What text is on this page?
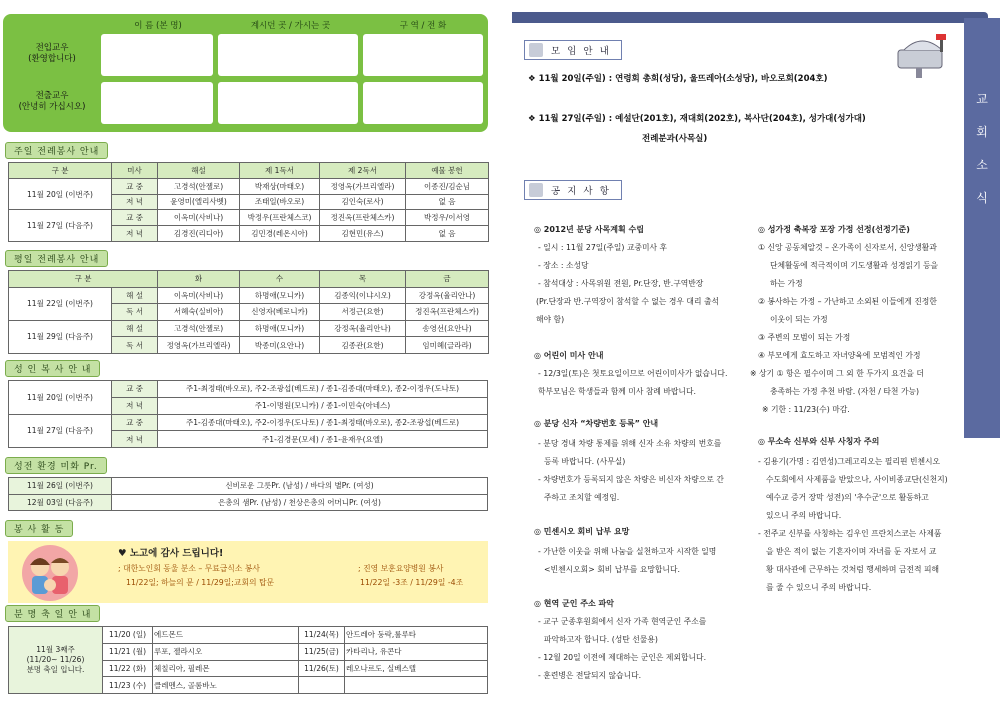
이 름 (본 명)	계시던 곳 / 가시는 곳	구 역 / 전 화
전입교우
(환영합니다)
전출교우
(안녕히 가십시오)
주일 전례봉사 안내
구 분	미사	해설	제 1독서	제 2독서	예물 봉헌
11월 20일 (이번주)	교 중	고경석(안젤로)	박재상(마태오)	정영옥(가브리엘라)	이종진/김순님
	저 녁	윤영미(엘리사벳)	조태일(바오로)	김인숙(로사)	없 음
11월 27일 (다음주)	교 중	이옥미(사비나)	박정우(프란체스코)	정진옥(프란체스카)	박정우/이서영
	저 녁	김경진(리디아)	김민경(레온시아)	김현민(유스)	없 음
평일 전례봉사 안내
구 분		화	수	목	금
11월 22일 (이번주)	해 설	이옥미(사비나)	하명애(모니카)	김종익(이냐시오)	강정옥(율리안나)
	독 서	서혜숙(실비아)	신영자(베로니카)	서정근(요한)	정진옥(프란체스카)
11월 29일 (다음주)	해 설	고경석(안젤로)	하명애(모니카)	강정옥(율리안나)	송영선(요안나)
	독 서	정영옥(가브리엘라)	박종미(요안나)	김종관(요한)	임미혜(글라라)
성 인 복 사 안 내
11월 20일 (이번주)	교 중	주1-최정태(바오로), 주2-조광섭(베드로) / 종1-김종대(마태오), 종2-이정우(도나토)
	저 녁	주1-이명원(모니카) / 종1-이민숙(아네스)
11월 27일 (다음주)	교 중	주1-김종대(마태오), 주2-이정우(도나토) / 종1-최정태(바오로), 종2-조광섭(베드로)
	저 녁	주1-김경문(모세) / 종1-윤재우(요엘)
성전 환경 미화 Pr.
11월 26일 (이번주)	신비로운 그릇Pr. (남성) / 바다의 별Pr. (여성)
12월 03일 (다음주)	은총의 샘Pr. (남성) / 천상은총의 어머니Pr. (여성)
봉 사 활 동
♥ 노고에 감사 드립니다!
; 대한노인회 동울 분소 – 무료급식소 봉사
11/22일; 하늘의 문 / 11/29일;교회의 탑문
; 진영 보훈요양병원 봉사
11/22일 -3조 / 11/29일 -4조
분 명 축 일 안 내
11월 3째주
(11/20~ 11/26)
분명 축일 입니다.	11/20 (일)	에드몬드	11/24(목)	안드레아 둥락,룰루타
	11/21 (월)	루포, 젤라시오	11/25(금)	카타리나, 유콘다
	11/22 (화)	체칠리아, 필레몬	11/26(토)	레오나르도, 실베스텔
	11/23 (수)	클레멘스, 골롬바노		
교
회
소
식
모 임 안 내
❖ 11월 20일(주일) : 연령회 총회(성당), 울뜨레아(소성당), 바오로회(204호)
❖ 11월 27일(주일) : 예설단(201호), 재대회(202호), 복사단(204호), 성가대(성가대)
전례분과(사목실)
공 지 사 항
◎ 2012년 분당 사목계획 수립
- 일시 : 11월 27일(주일) 교중미사 후
- 장소 : 소성당
- 참석대상 : 사목위원 전원, Pr.단장, 반.구역반장
(Pr.단장과 반.구역장이 참석할 수 없는 경우 대리 출석
해야 함)
◎ 어린이 미사 안내
- 12/3일(토)은 첫토요일이므로 어린이미사가 없습니다.
학부모님은 학생들과 함께 미사 참례 바랍니다.
◎ 분당 신자 “차량번호 등록” 안내
- 분당 경내 차량 통제를 위해 신자 소유 차량의 번호를
등록 바랍니다. (사무실)
- 차량번호가 등록되지 않은 차량은 비신자 차량으로 간
주하고 조치할 예정임.
◎ 민센시오 회비 납부 요망
- 가난한 이웃을 위해 나눔을 실천하고자 시작한 일명
<빈첸시오회> 회비 납부를 요망합니다.
◎ 현역 군인 주소 파악
- 교구 군종후원회에서 신자 가족 현역군인 주소를
파악하고자 합니다. (성탄 선물용)
- 12월 20일 이전에 제대하는 군인은 제외합니다.
- 훈련병은 전달되지 않습니다.
◎ 성가정 축복장 포장 가정 선정(선정기준)
① 신앙 공동체알것 – 온가족이 신자로서, 신앙생활과
단체활동에 적극적이며 기도생활과 성경읽기 등을
하는 가정
② 봉사하는 가정 – 가난하고 소외된 이들에게 진정한
이웃이 되는 가정
③ 주변의 모범이 되는 가정
④ 부모에게 효도하고 자녀양육에 모범적인 가정
※ 상기 ① 항은 필수이며 그 외 한 두가지 요건을 더
충족하는 가정 추천 바람. (자천 / 타천 가능)
※ 기한 : 11/23(수) 마감.
◎ 무소속 신부와 신부 사칭자 주의
- 김용기(가명 : 김연성)그레고리오는 필리핀 빈첸시오
수도회에서 사제품을 받았으나, 사이비종교단(신천지)
예수교 증거 장막 성전)의 '추수군'으로 활동하고
있으니 주의 바랍니다.
- 전주교 신부를 사칭하는 김우인 프란치스코는 사제품
을 받은 적이 없는 기혼자이며 자녀를 둔 자로서 교
황 대사관에 근무하는 것처럼 행세하며 금전적 피해
를 줄 수 있으니 주의 바랍니다.
